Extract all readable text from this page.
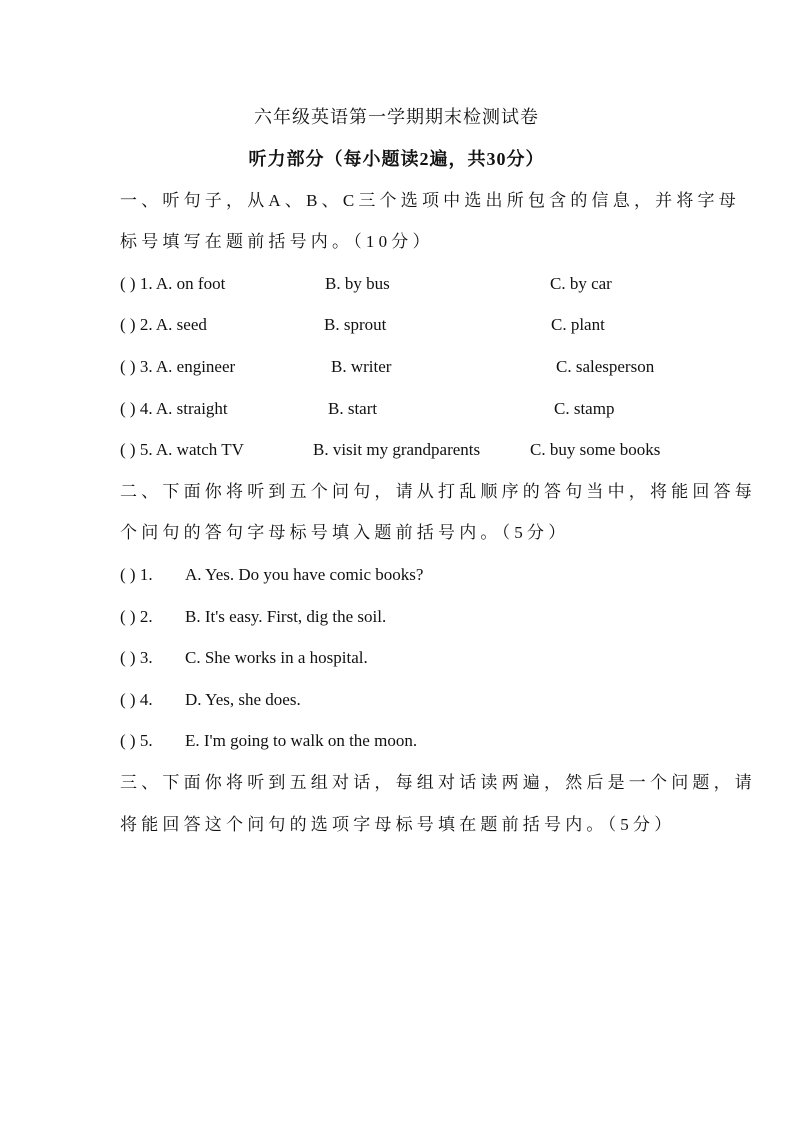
六年级英语第一学期期末检测试卷
听力部分（每小题读2遍，共30分）
一、听句子，从A、B、C三个选项中选出所包含的信息，并将字母
标号填写在题前括号内。（10分）
( ) 1. A. on foot	B. by bus	C. by car
( ) 2. A. seed	B. sprout	C. plant
( ) 3. A. engineer	B. writer	C. salesperson
( ) 4. A. straight	B. start	C. stamp
( ) 5. A. watch TV	B. visit my grandparents	C. buy some books
二、下面你将听到五个问句，请从打乱顺序的答句当中，将能回答每
个问句的答句字母标号填入题前括号内。（5分）
( ) 1. A. Yes. Do you have comic books?
( ) 2. B. It's easy. First, dig the soil.
( ) 3. C. She works in a hospital.
( ) 4. D. Yes, she does.
( ) 5. E. I'm going to walk on the moon.
三、下面你将听到五组对话，每组对话读两遍，然后是一个问题，请
将能回答这个问句的选项字母标号填在题前括号内。（5分）
